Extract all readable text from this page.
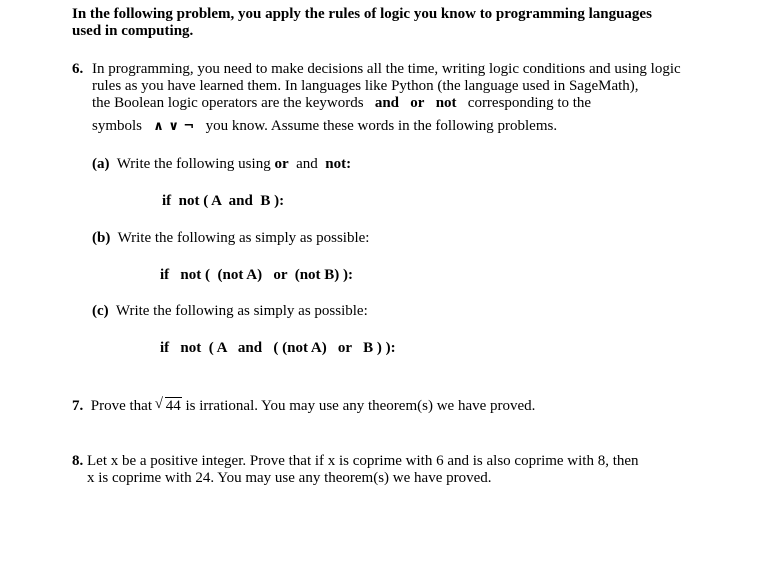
In the following problem, you apply the rules of logic you know to programming languages
used in computing.
6. In programming, you need to make decisions all the time, writing logic conditions and using logic
rules as you have learned them. In languages like Python (the language used in SageMath),
the Boolean logic operators are the keywords and or not corresponding to the
symbols ∧ ∨ ¬ you know. Assume these words in the following problems.
(a) Write the following using or and not:
if  not ( A  and  B ):
(b) Write the following as simply as possible:
if   not (  (not A)   or  (not B) ):
(c) Write the following as simply as possible:
if   not  ( A   and   ( (not A)   or   B ) ):
7. Prove that √ 44 is irrational. You may use any theorem(s) we have proved.
8. Let x be a positive integer. Prove that if x is coprime with 6 and is also coprime with 8, then
x is coprime with 24. You may use any theorem(s) we have proved.
